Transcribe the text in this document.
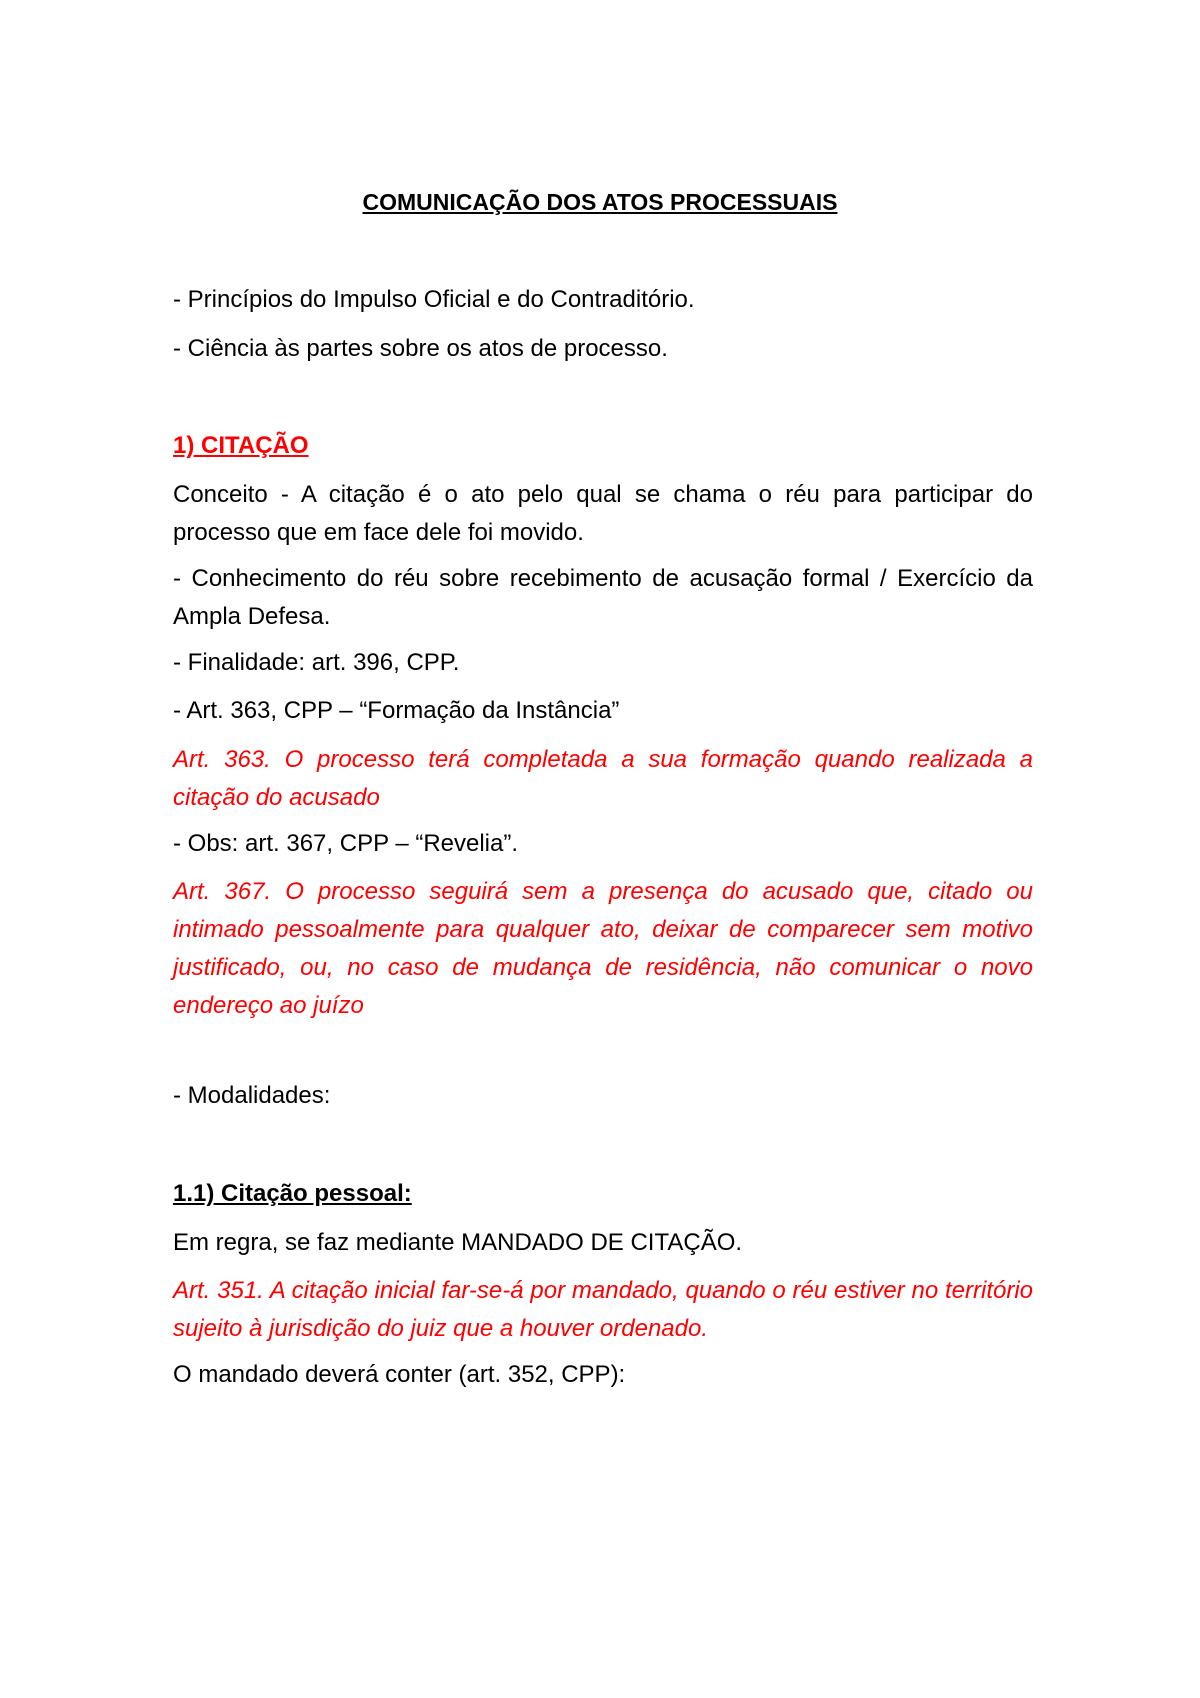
COMUNICAÇÃO DOS ATOS PROCESSUAIS

- Princípios do Impulso Oficial e do Contraditório.

- Ciência às partes sobre os atos de processo.

1) CITAÇÃO

Conceito - A citação é o ato pelo qual se chama o réu para participar do processo que em face dele foi movido.

- Conhecimento do réu sobre recebimento de acusação formal / Exercício da Ampla Defesa.

- Finalidade: art. 396, CPP.

- Art. 363, CPP – “Formação da Instância”

Art. 363. O processo terá completada a sua formação quando realizada a citação do acusado

- Obs: art. 367, CPP – “Revelia”.

Art. 367. O processo seguirá sem a presença do acusado que, citado ou intimado pessoalmente para qualquer ato, deixar de comparecer sem motivo justificado, ou, no caso de mudança de residência, não comunicar o novo endereço ao juízo

- Modalidades:

1.1) Citação pessoal:

Em regra, se faz mediante MANDADO DE CITAÇÃO.

Art. 351. A citação inicial far-se-á por mandado, quando o réu estiver no território sujeito à jurisdição do juiz que a houver ordenado.

O mandado deverá conter (art. 352, CPP):
